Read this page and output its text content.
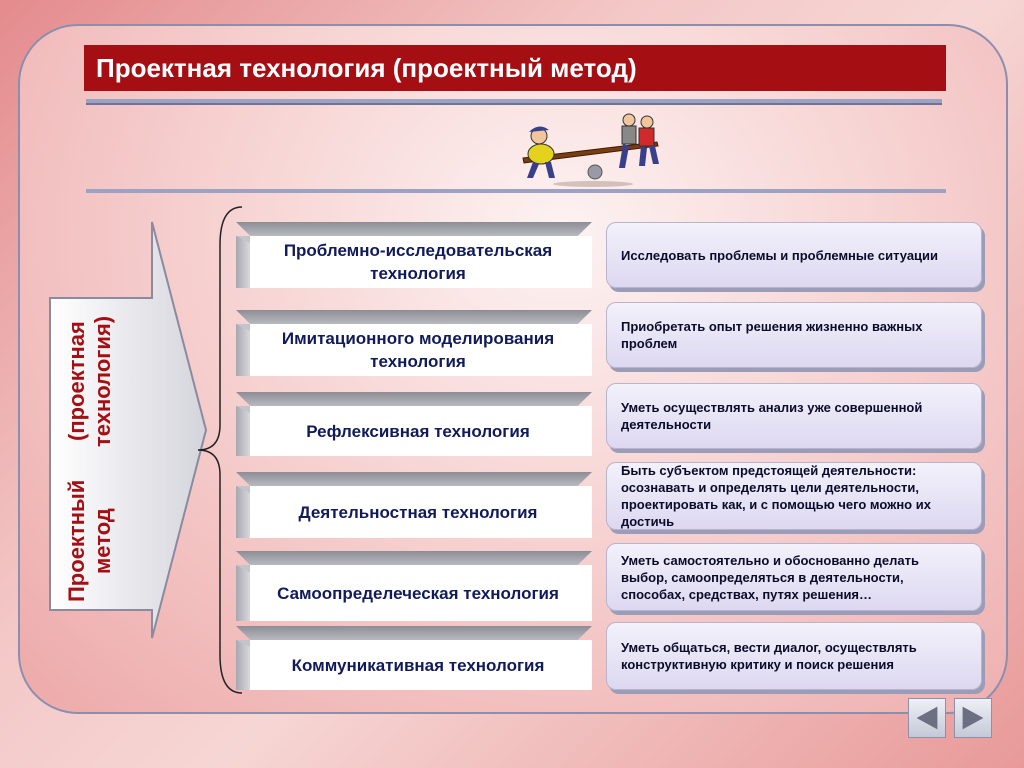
Проектная технология (проектный метод)
Проектный метод
(проектная технология)
Проблемно-исследовательская технология
Имитационного моделирования технология
Рефлексивная технология
Деятельностная технология
Самоопределеческая технология
Коммуникативная технология
Исследовать проблемы и проблемные ситуации
Приобретать опыт решения жизненно важных проблем
Уметь осуществлять анализ уже совершенной деятельности
Быть субъектом предстоящей деятельности: осознавать и определять цели деятельности, проектировать как, и с помощью чего можно их достичь
Уметь самостоятельно и обоснованно делать выбор, самоопределяться в деятельности, способах, средствах, путях решения…
Уметь общаться, вести диалог, осуществлять конструктивную критику и поиск решения
